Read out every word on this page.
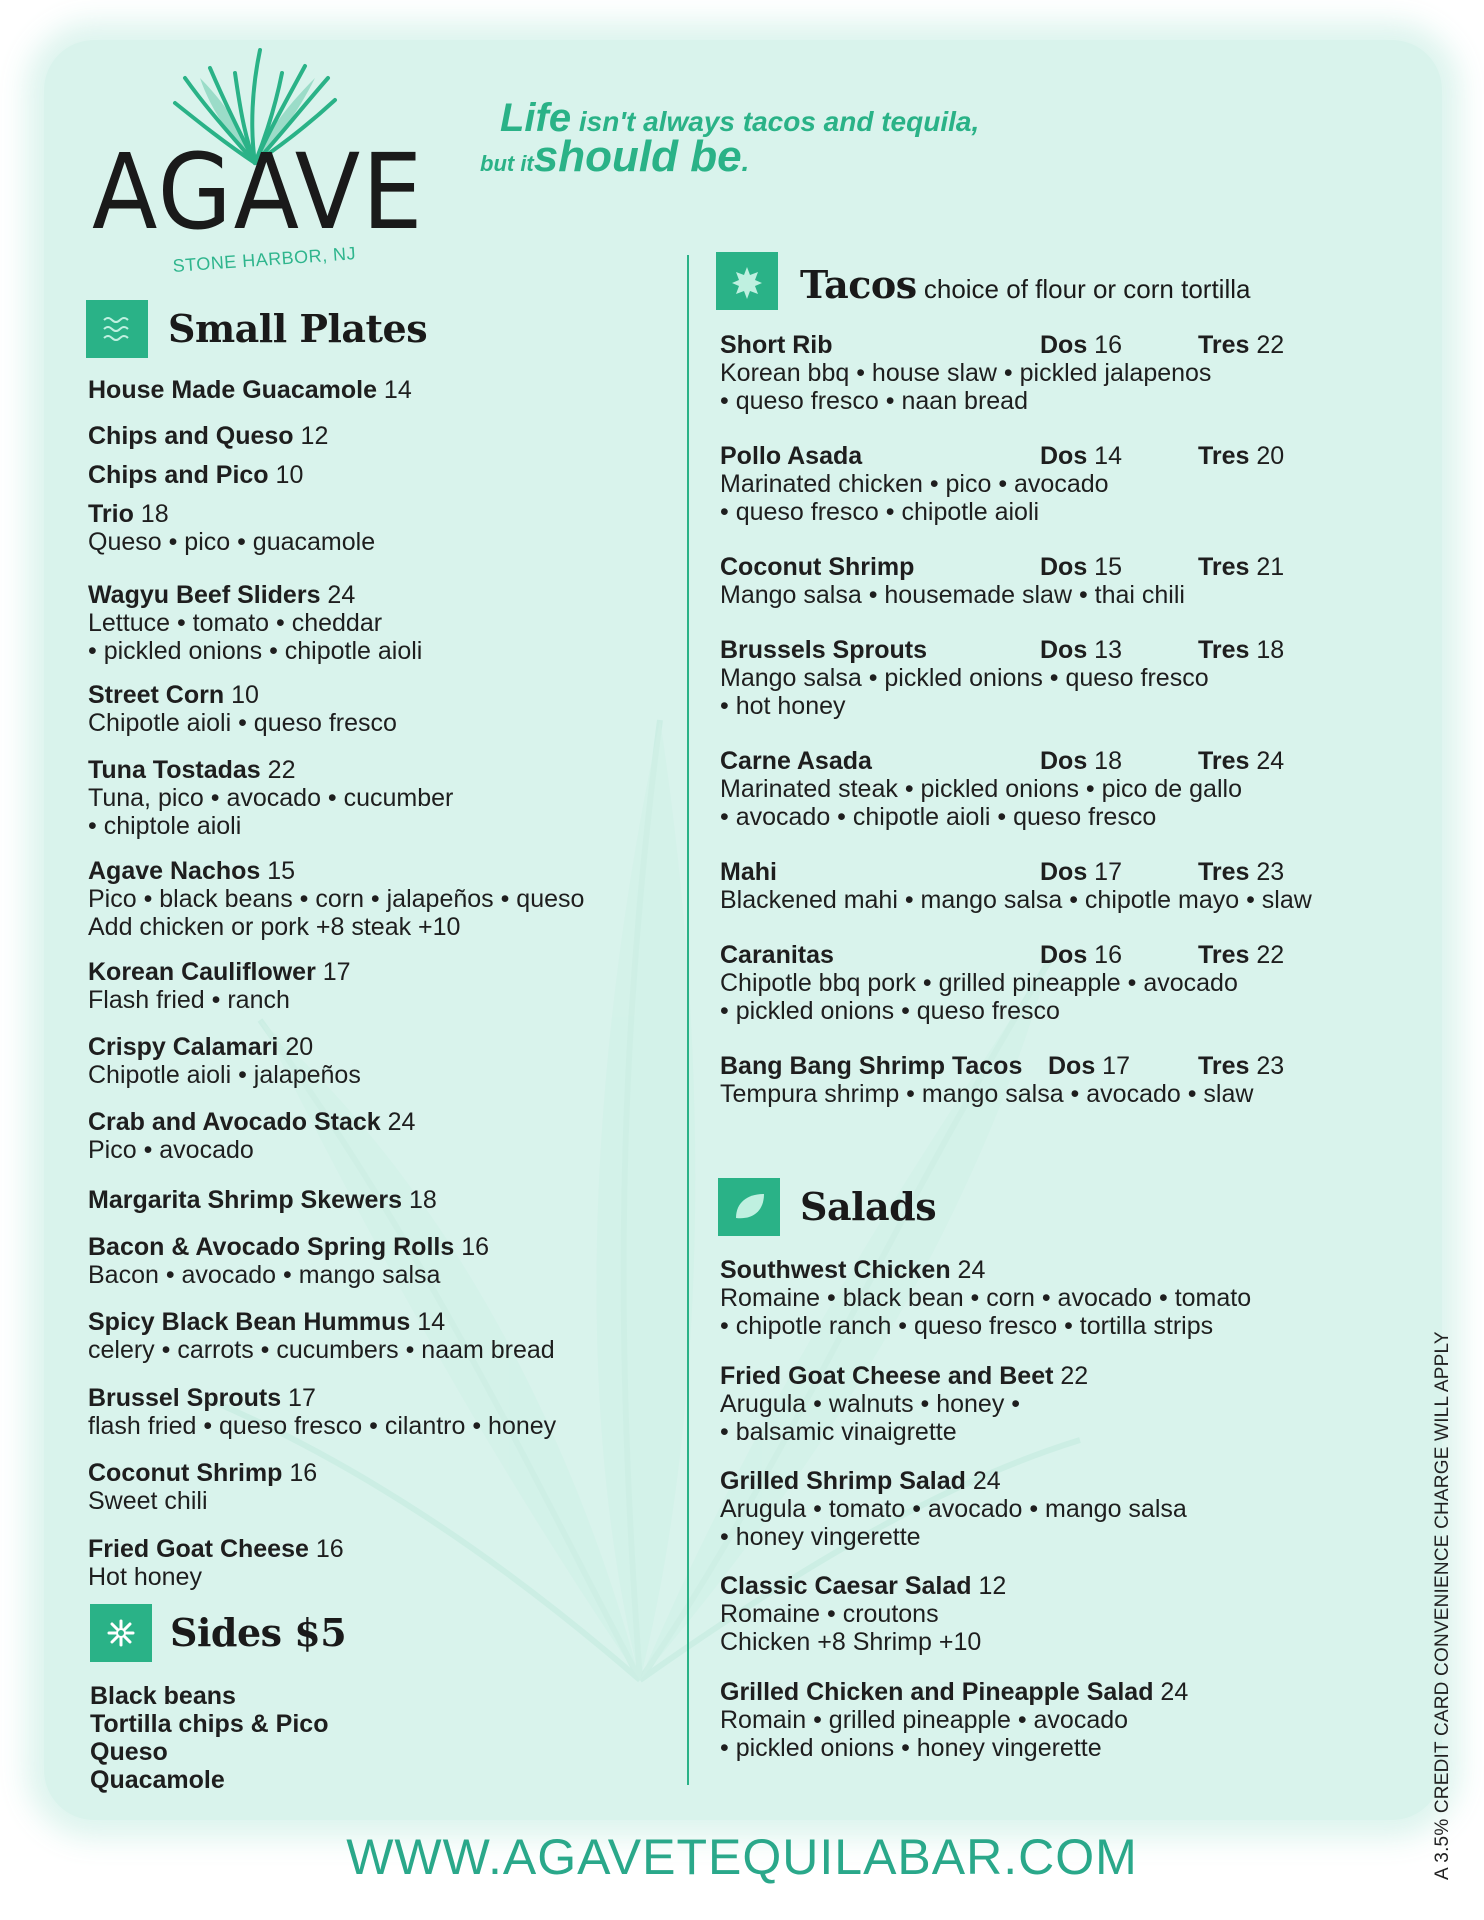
AGAVE
STONE HARBOR, NJ
Life isn't always tacos and tequila,
but itshould be.
Small Plates
House Made Guacamole 14
Chips and Queso 12
Chips and Pico 10
Trio 18
Queso • pico • guacamole
Wagyu Beef Sliders 24
Lettuce • tomato • cheddar
• pickled onions • chipotle aioli
Street Corn 10
Chipotle aioli • queso fresco
Tuna Tostadas 22
Tuna, pico • avocado • cucumber
• chiptole aioli
Agave Nachos 15
Pico • black beans • corn • jalapeños • queso
Add chicken or pork +8 steak +10
Korean Cauliflower 17
Flash fried • ranch
Crispy Calamari 20
Chipotle aioli • jalapeños
Crab and Avocado Stack 24
Pico • avocado
Margarita Shrimp Skewers 18
Bacon & Avocado Spring Rolls 16
Bacon • avocado • mango salsa
Spicy Black Bean Hummus 14
celery • carrots • cucumbers • naam bread
Brussel Sprouts 17
flash fried • queso fresco • cilantro • honey
Coconut Shrimp 16
Sweet chili
Fried Goat Cheese 16
Hot honey
Sides $5
Black beans
Tortilla chips & Pico
Queso
Quacamole
Tacos choice of flour or corn tortilla
Short Rib
Korean bbq • house slaw • pickled jalapenos
• queso fresco • naan bread
Dos 16	Tres 22
Pollo Asada
Marinated chicken • pico • avocado
• queso fresco • chipotle aioli
Dos 14	Tres 20
Coconut Shrimp
Mango salsa • housemade slaw • thai chili
Dos 15	Tres 21
Brussels Sprouts
Mango salsa • pickled onions • queso fresco
• hot honey
Dos 13	Tres 18
Carne Asada
Marinated steak • pickled onions • pico de gallo
• avocado • chipotle aioli • queso fresco
Dos 18	Tres 24
Mahi
Blackened mahi • mango salsa • chipotle mayo • slaw
Dos 17	Tres 23
Caranitas
Chipotle bbq pork • grilled pineapple • avocado
• pickled onions • queso fresco
Dos 16	Tres 22
Bang Bang Shrimp Tacos
Tempura shrimp • mango salsa • avocado • slaw
Dos 17	Tres 23
Salads
Southwest Chicken 24
Romaine • black bean • corn • avocado • tomato
• chipotle ranch • queso fresco • tortilla strips
Fried Goat Cheese and Beet 22
Arugula • walnuts • honey •
• balsamic vinaigrette
Grilled Shrimp Salad 24
Arugula • tomato • avocado • mango salsa
• honey vingerette
Classic Caesar Salad 12
Romaine • croutons
Chicken +8 Shrimp +10
Grilled Chicken and Pineapple Salad 24
Romain • grilled pineapple • avocado
• pickled onions • honey vingerette
WWW.AGAVETEQUILABAR.COM	A 3.5% CREDIT CARD CONVENIENCE CHARGE WILL APPLY
